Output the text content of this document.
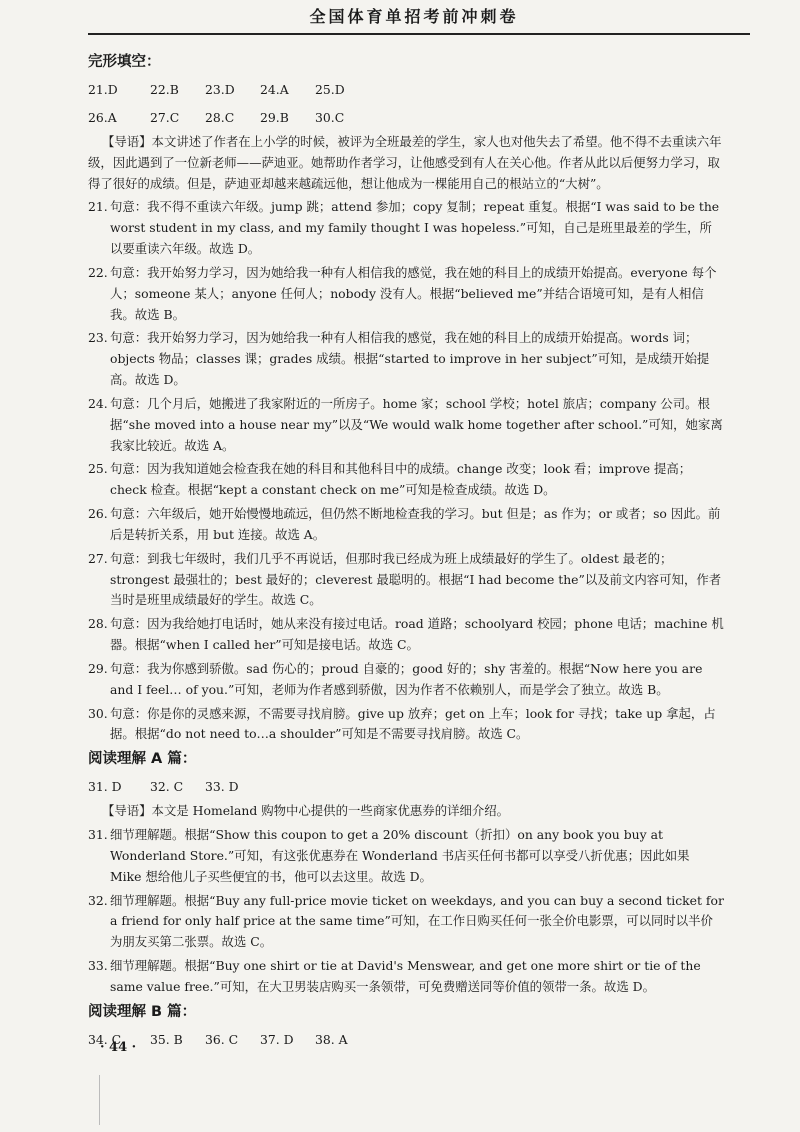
全国体育单招考前冲刺卷

完形填空：

21.D	22.B 23.D 24.A 25.D

26.A	27.C 28.C 29.B 30.C

【导语】本文讲述了作者在上小学的时候，被评为全班最差的学生，家人也对他失去了希望。他不得不去重读六年级，因此遇到了一位新老师——萨迪亚。她帮助作者学习，让他感受到有人在关心他。作者从此以后便努力学习，取得了很好的成绩。但是，萨迪亚却越来越疏远他，想让他成为一棵能用自己的根站立的“大树”。

21. 句意：我不得不重读六年级。jump 跳；attend 参加；copy 复制；repeat 重复。根据“I was said to be the worst student in my class, and my family thought I was hopeless.”可知，自己是班里最差的学生，所以要重读六年级。故选 D。
22. 句意：我开始努力学习，因为她给我一种有人相信我的感觉，我在她的科目上的成绩开始提高。everyone 每个人；someone 某人；anyone 任何人；nobody 没有人。根据“believed me”并结合语境可知，是有人相信我。故选 B。
23. 句意：我开始努力学习，因为她给我一种有人相信我的感觉，我在她的科目上的成绩开始提高。words 词；objects 物品；classes 课；grades 成绩。根据“started to improve in her subject”可知，是成绩开始提高。故选 D。
24. 句意：几个月后，她搬进了我家附近的一所房子。home 家；school 学校；hotel 旅店；company 公司。根据“she moved into a house near my”以及“We would walk home together after school.”可知，她家离我家比较近。故选 A。
25. 句意：因为我知道她会检查我在她的科目和其他科目中的成绩。change 改变；look 看；improve 提高；check 检查。根据“kept a constant check on me”可知是检查成绩。故选 D。
26. 句意：六年级后，她开始慢慢地疏远，但仍然不断地检查我的学习。but 但是；as 作为；or 或者；so 因此。前后是转折关系，用 but 连接。故选 A。
27. 句意：到我七年级时，我们几乎不再说话，但那时我已经成为班上成绩最好的学生了。oldest 最老的；strongest 最强壮的；best 最好的；cleverest 最聪明的。根据“I had become the”以及前文内容可知，作者当时是班里成绩最好的学生。故选 C。
28. 句意：因为我给她打电话时，她从来没有接过电话。road 道路；schoolyard 校园；phone 电话；machine 机器。根据“when I called her”可知是接电话。故选 C。
29. 句意：我为你感到骄傲。sad 伤心的；proud 自豪的；good 好的；shy 害羞的。根据“Now here you are and I feel… of you.”可知，老师为作者感到骄傲，因为作者不依赖别人，而是学会了独立。故选 B。
30. 句意：你是你的灵感来源，不需要寻找肩膀。give up 放弃；get on 上车；look for 寻找；take up 拿起，占据。根据“do not need to…a shoulder”可知是不需要寻找肩膀。故选 C。

阅读理解 A 篇：

31. D 32. C 33. D

【导语】本文是 Homeland 购物中心提供的一些商家优惠券的详细介绍。

31. 细节理解题。根据“Show this coupon to get a 20% discount（折扣）on any book you buy at Wonderland Store.”可知，有这张优惠券在 Wonderland 书店买任何书都可以享受八折优惠；因此如果 Mike 想给他儿子买些便宜的书，他可以去这里。故选 D。
32. 细节理解题。根据“Buy any full-price movie ticket on weekdays, and you can buy a second ticket for a friend for only half price at the same time”可知，在工作日购买任何一张全价电影票，可以同时以半价为朋友买第二张票。故选 C。
33. 细节理解题。根据“Buy one shirt or tie at David's Menswear, and get one more shirt or tie of the same value free.”可知，在大卫男装店购买一条领带，可免费赠送同等价值的领带一条。故选 D。

阅读理解 B 篇：

34. C 35. B 36. C 37. D 38. A

· 44 ·
